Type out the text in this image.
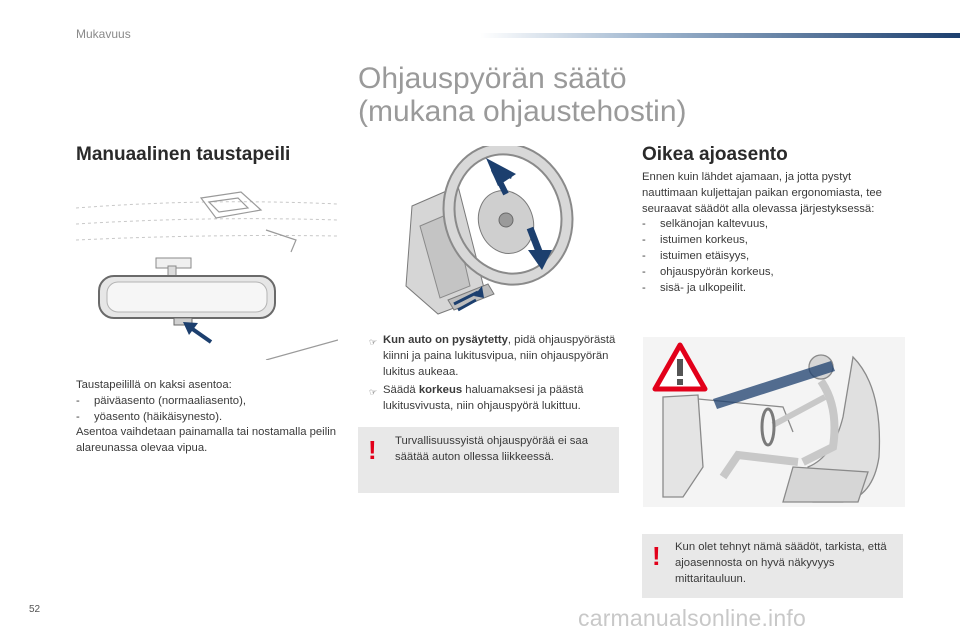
Mukavuus
Ohjauspyörän säätö
(mukana ohjaustehostin)
Manuaalinen taustapeili

Taustapeilillä on kaksi asentoa:

-	päiväasento (normaaliasento),
-	yöasento (häikäisynesto).

Asentoa vaihdetaan painamalla tai nostamalla peilin alareunassa olevaa vipua.

☞ Kun auto on pysäytetty, pidä ohjauspyörästä kiinni ja paina lukitusvipua, niin ohjauspyörän lukitus aukeaa.
☞ Säädä korkeus haluamaksesi ja päästä lukitusvivusta, niin ohjauspyörä lukittuu.
! Turvallisuussyistä ohjauspyörää ei saa säätää auton ollessa liikkeessä.
Oikea ajoasento

Ennen kuin lähdet ajamaan, ja jotta pystyt nauttimaan kuljettajan paikan ergonomiasta, tee seuraavat säädöt alla olevassa järjestyksessä:

-	selkänojan kaltevuus,
-	istuimen korkeus,
-	istuimen etäisyys,
-	ohjauspyörän korkeus,
-	sisä- ja ulkopeilit.
! Kun olet tehnyt nämä säädöt, tarkista, että ajoasennosta on hyvä näkyvyys mittaritauluun.
52	carmanualsonline.info
